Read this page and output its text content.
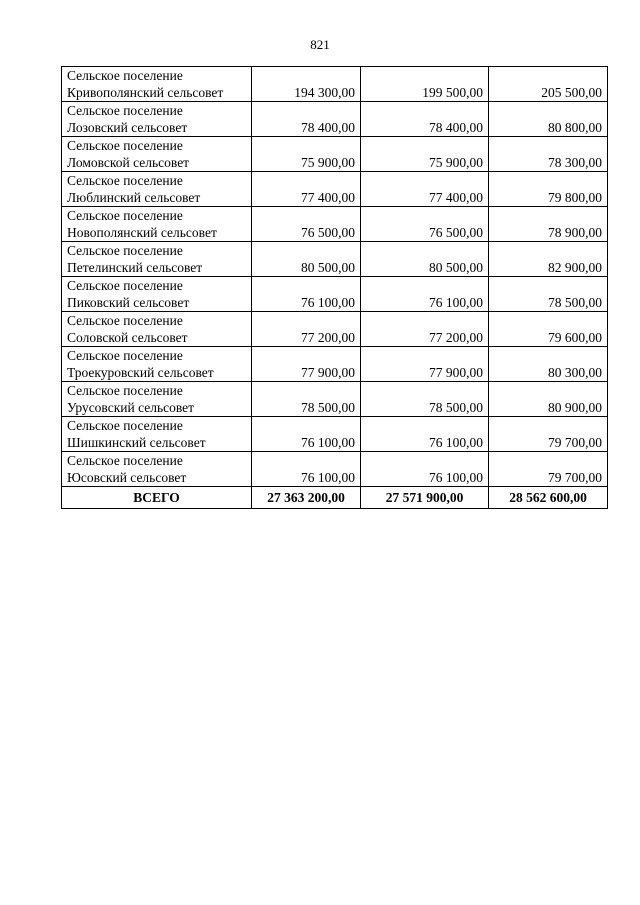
821
Сельское поселение
Кривополянский сельсовет	194 300,00	199 500,00	205 500,00

Сельское поселение
Лозовский сельсовет	78 400,00	78 400,00	80 800,00

Сельское поселение
Ломовской сельсовет	75 900,00	75 900,00	78 300,00

Сельское поселение
Люблинский сельсовет	77 400,00	77 400,00	79 800,00

Сельское поселение
Новополянский сельсовет	76 500,00	76 500,00	78 900,00

Сельское поселение
Петелинский сельсовет	80 500,00	80 500,00	82 900,00

Сельское поселение
Пиковский сельсовет	76 100,00	76 100,00	78 500,00

Сельское поселение
Соловской сельсовет	77 200,00	77 200,00	79 600,00

Сельское поселение
Троекуровский сельсовет	77 900,00	77 900,00	80 300,00

Сельское поселение
Урусовский сельсовет	78 500,00	78 500,00	80 900,00

Сельское поселение
Шишкинский сельсовет	76 100,00	76 100,00	79 700,00

Сельское поселение
Юсовский сельсовет	76 100,00	76 100,00	79 700,00
ВСЕГО	27 363 200,00	27 571 900,00	28 562 600,00
